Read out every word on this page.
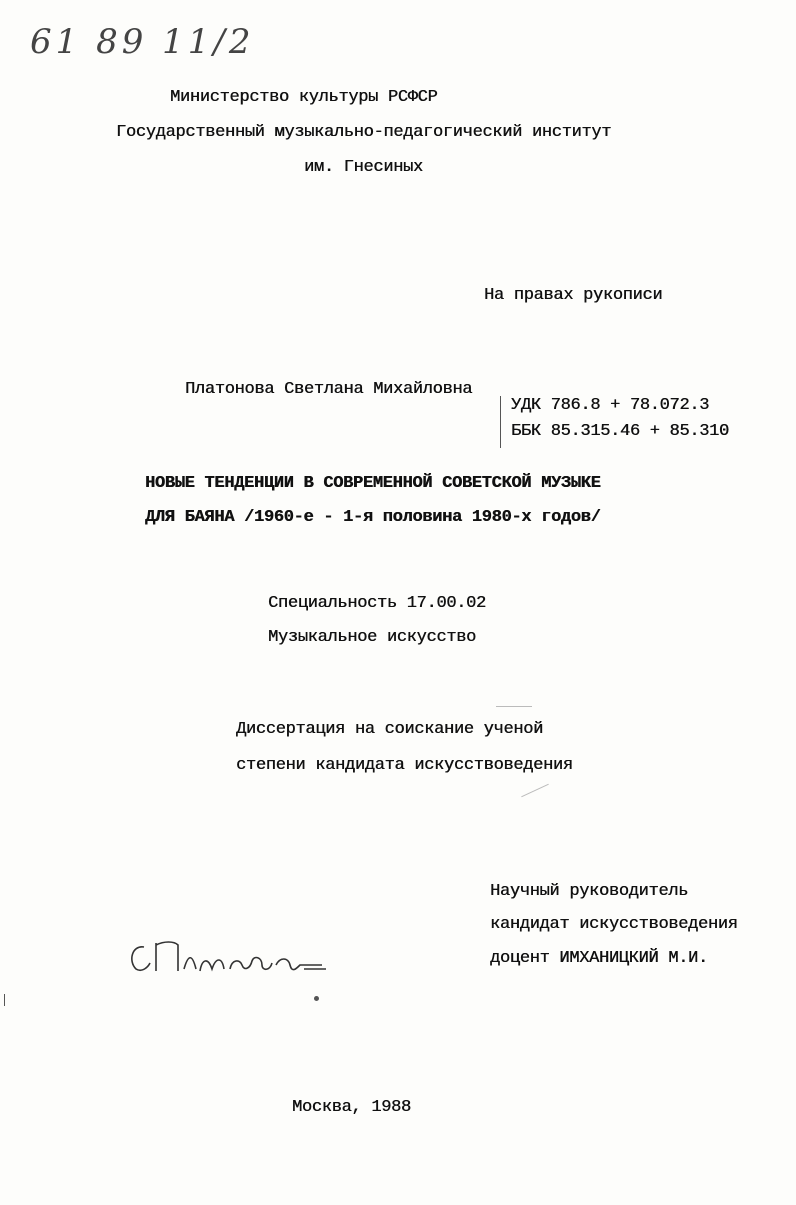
61 89 11/2
Министерство культуры РСФСР
Государственный музыкально-педагогический институт
им. Гнесиных
На правах рукописи
Платонова Светлана Михайловна
УДК 786.8 + 78.072.3
ББК 85.315.46 + 85.310
НОВЫЕ ТЕНДЕНЦИИ В СОВРЕМЕННОЙ СОВЕТСКОЙ МУЗЫКЕ
ДЛЯ БАЯНА /1960-е - 1-я половина 1980-х годов/
Специальность 17.00.02
Музыкальное искусство
Диссертация на соискание ученой
степени кандидата искусствоведения
Научный руководитель
кандидат искусствоведения
доцент ИМХАНИЦКИЙ М.И.
Москва, 1988
